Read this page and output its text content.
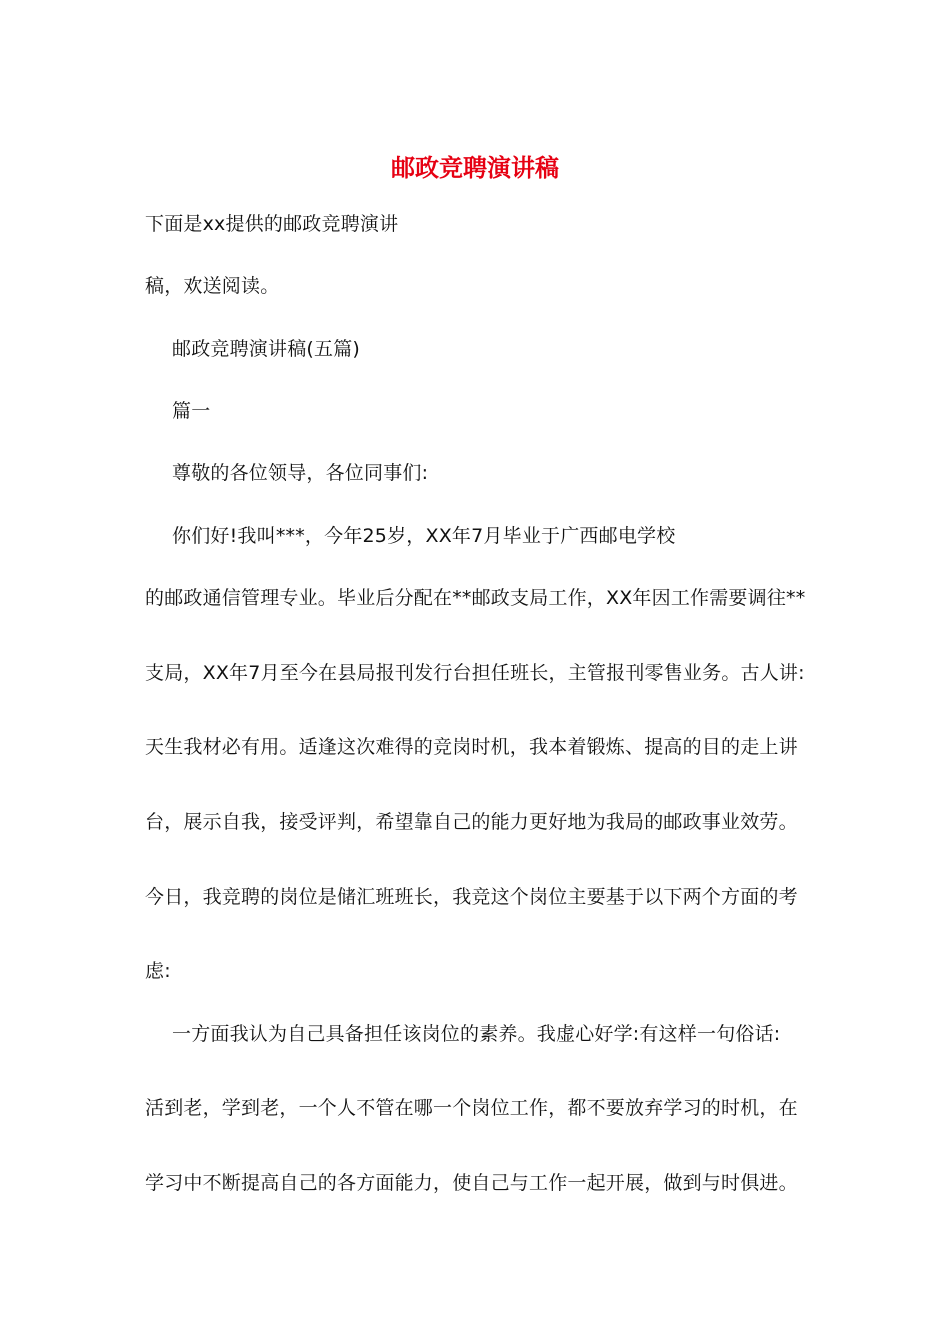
邮政竞聘演讲稿
下面是xx提供的邮政竞聘演讲
稿，欢送阅读。
邮政竞聘演讲稿(五篇)
篇一
尊敬的各位领导，各位同事们:
你们好!我叫***，今年25岁，XX年7月毕业于广西邮电学校
的邮政通信管理专业。毕业后分配在**邮政支局工作，XX年因工作需要调往**
支局，XX年7月至今在县局报刊发行台担任班长，主管报刊零售业务。古人讲:
天生我材必有用。适逢这次难得的竞岗时机，我本着锻炼、提高的目的走上讲
台，展示自我，接受评判，希望靠自己的能力更好地为我局的邮政事业效劳。
今日，我竞聘的岗位是储汇班班长，我竞这个岗位主要基于以下两个方面的考
虑:
一方面我认为自己具备担任该岗位的素养。我虚心好学:有这样一句俗话:
活到老，学到老，一个人不管在哪一个岗位工作，都不要放弃学习的时机，在
学习中不断提高自己的各方面能力，使自己与工作一起开展，做到与时俱进。
